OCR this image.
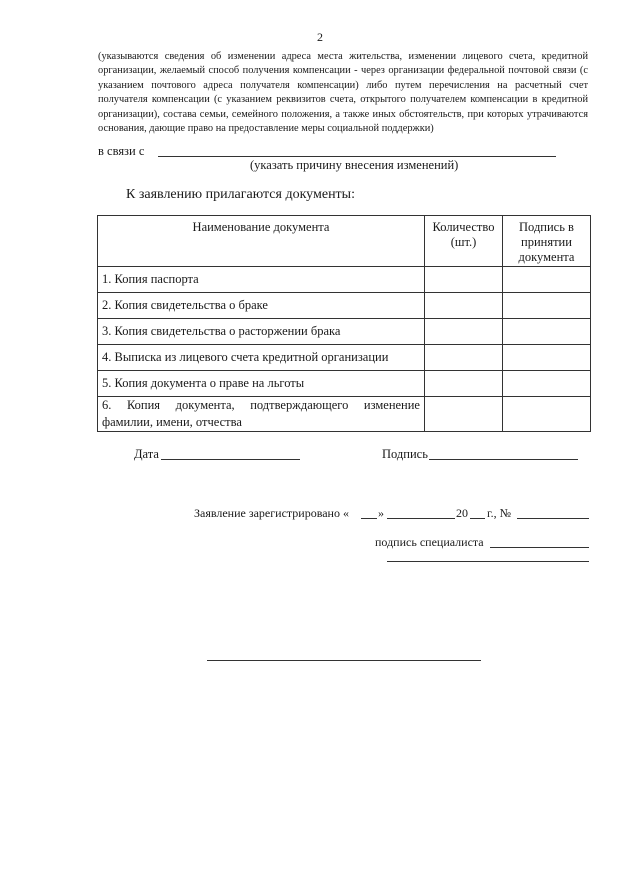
2
(указываются сведения об изменении адреса места жительства, изменении лицевого счета, кредитной организации, желаемый способ получения компенсации - через организации федеральной почтовой связи (с указанием почтового адреса получателя компенсации) либо путем перечисления на расчетный счет получателя компенсации (с указанием реквизитов счета, открытого получателем компенсации в кредитной организации), состава семьи, семейного положения, а также иных обстоятельств, при которых утрачиваются основания, дающие право на предоставление меры социальной поддержки)
в связи с
(указать причину внесения изменений)
К заявлению прилагаются документы:
Наименование документа	Количество (шт.)	Подпись в принятии документа
1. Копия паспорта		
2. Копия свидетельства о браке		
3. Копия свидетельства о расторжении брака		
4. Выписка из лицевого счета кредитной организации		
5. Копия документа о праве на льготы		
6. Копия документа, подтверждающего изменение фамилии, имени, отчества		
Дата	Подпись
Заявление зарегистрировано « »	20 г., №
подпись специалиста
